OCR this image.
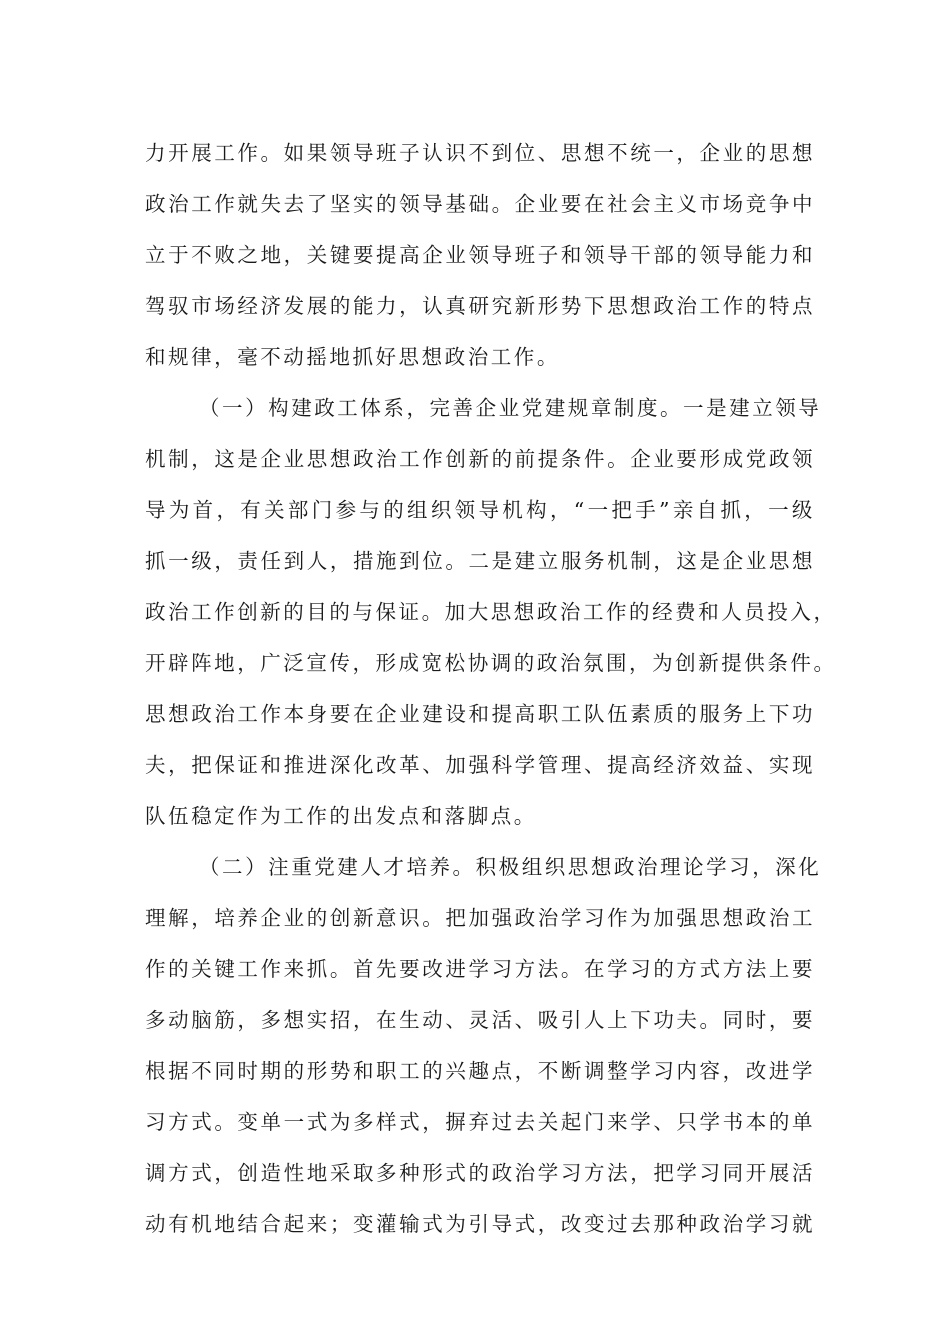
力开展工作。如果领导班子认识不到位、思想不统一，企业的思想
政治工作就失去了坚实的领导基础。企业要在社会主义市场竞争中
立于不败之地，关键要提高企业领导班子和领导干部的领导能力和
驾驭市场经济发展的能力，认真研究新形势下思想政治工作的特点
和规律，毫不动摇地抓好思想政治工作。
（一）构建政工体系，完善企业党建规章制度。一是建立领导
机制，这是企业思想政治工作创新的前提条件。企业要形成党政领
导为首，有关部门参与的组织领导机构，“一把手”亲自抓，一级
抓一级，责任到人，措施到位。二是建立服务机制，这是企业思想
政治工作创新的目的与保证。加大思想政治工作的经费和人员投入，
开辟阵地，广泛宣传，形成宽松协调的政治氛围，为创新提供条件。
思想政治工作本身要在企业建设和提高职工队伍素质的服务上下功
夫，把保证和推进深化改革、加强科学管理、提高经济效益、实现
队伍稳定作为工作的出发点和落脚点。
（二）注重党建人才培养。积极组织思想政治理论学习，深化
理解，培养企业的创新意识。把加强政治学习作为加强思想政治工
作的关键工作来抓。首先要改进学习方法。在学习的方式方法上要
多动脑筋，多想实招，在生动、灵活、吸引人上下功夫。同时，要
根据不同时期的形势和职工的兴趣点，不断调整学习内容，改进学
习方式。变单一式为多样式，摒弃过去关起门来学、只学书本的单
调方式，创造性地采取多种形式的政治学习方法，把学习同开展活
动有机地结合起来；变灌输式为引导式，改变过去那种政治学习就
